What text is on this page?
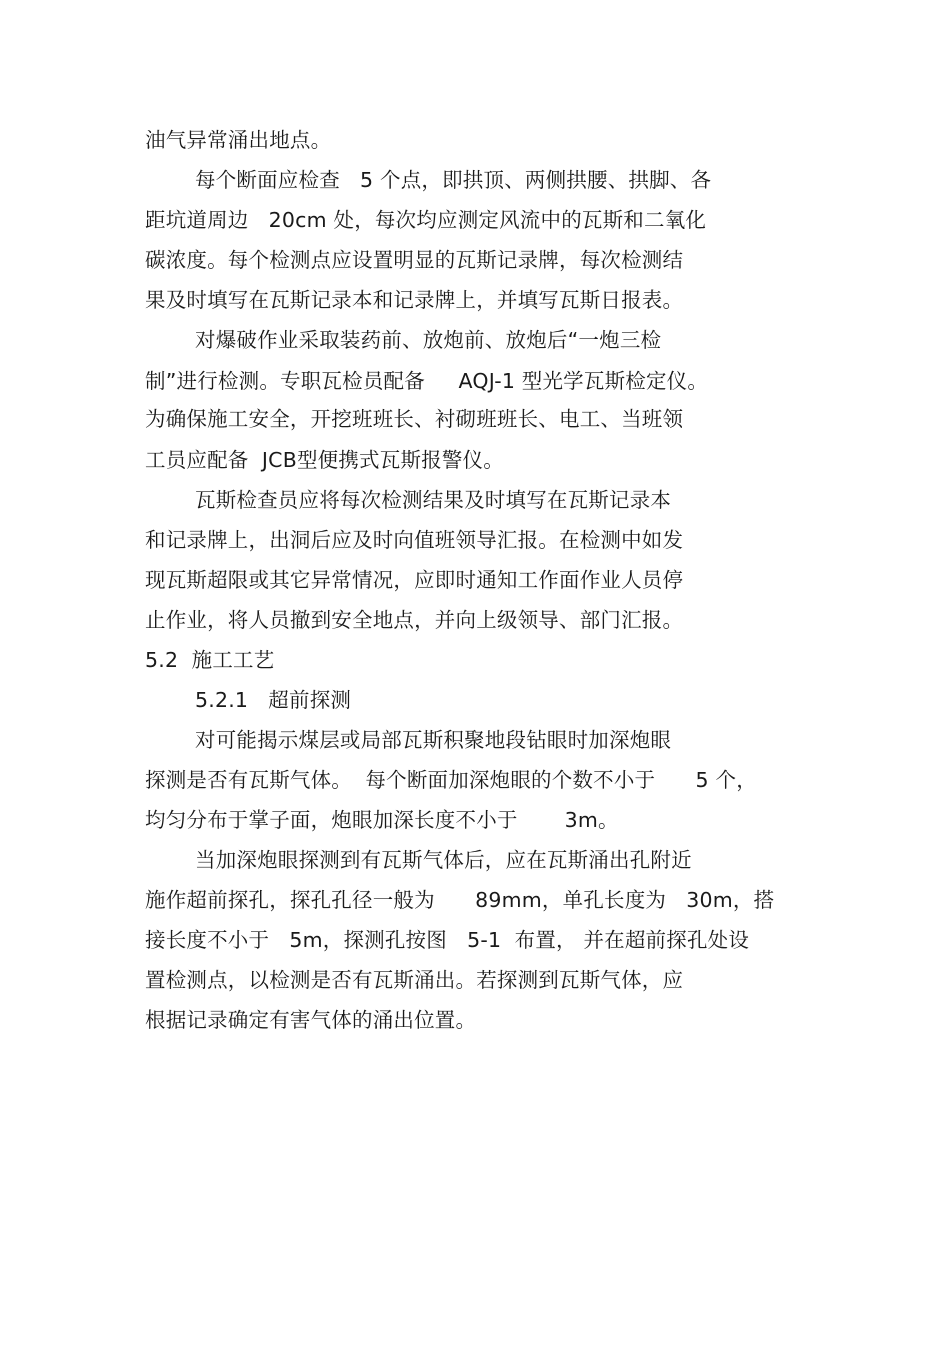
油气异常涌出地点。
每个断面应检查   5 个点，即拱顶、两侧拱腰、拱脚、各
距坑道周边   20cm 处，每次均应测定风流中的瓦斯和二氧化
碳浓度。每个检测点应设置明显的瓦斯记录牌，每次检测结
果及时填写在瓦斯记录本和记录牌上，并填写瓦斯日报表。
对爆破作业采取装药前、放炮前、放炮后“一炮三检
制”进行检测。专职瓦检员配备     AQJ-1 型光学瓦斯检定仪。
为确保施工安全，开挖班班长、衬砌班班长、电工、当班领
工员应配备  JCB型便携式瓦斯报警仪。
瓦斯检查员应将每次检测结果及时填写在瓦斯记录本
和记录牌上，出洞后应及时向值班领导汇报。在检测中如发
现瓦斯超限或其它异常情况，应即时通知工作面作业人员停
止作业，将人员撤到安全地点，并向上级领导、部门汇报。
5.2  施工工艺
5.2.1   超前探测
对可能揭示煤层或局部瓦斯积聚地段钻眼时加深炮眼
探测是否有瓦斯气体。  每个断面加深炮眼的个数不小于      5 个，
均匀分布于掌子面，炮眼加深长度不小于       3m。
当加深炮眼探测到有瓦斯气体后，应在瓦斯涌出孔附近
施作超前探孔，探孔孔径一般为      89mm，单孔长度为   30m，搭
接长度不小于   5m，探测孔按图   5-1  布置， 并在超前探孔处设
置检测点，以检测是否有瓦斯涌出。若探测到瓦斯气体，应
根据记录确定有害气体的涌出位置。
